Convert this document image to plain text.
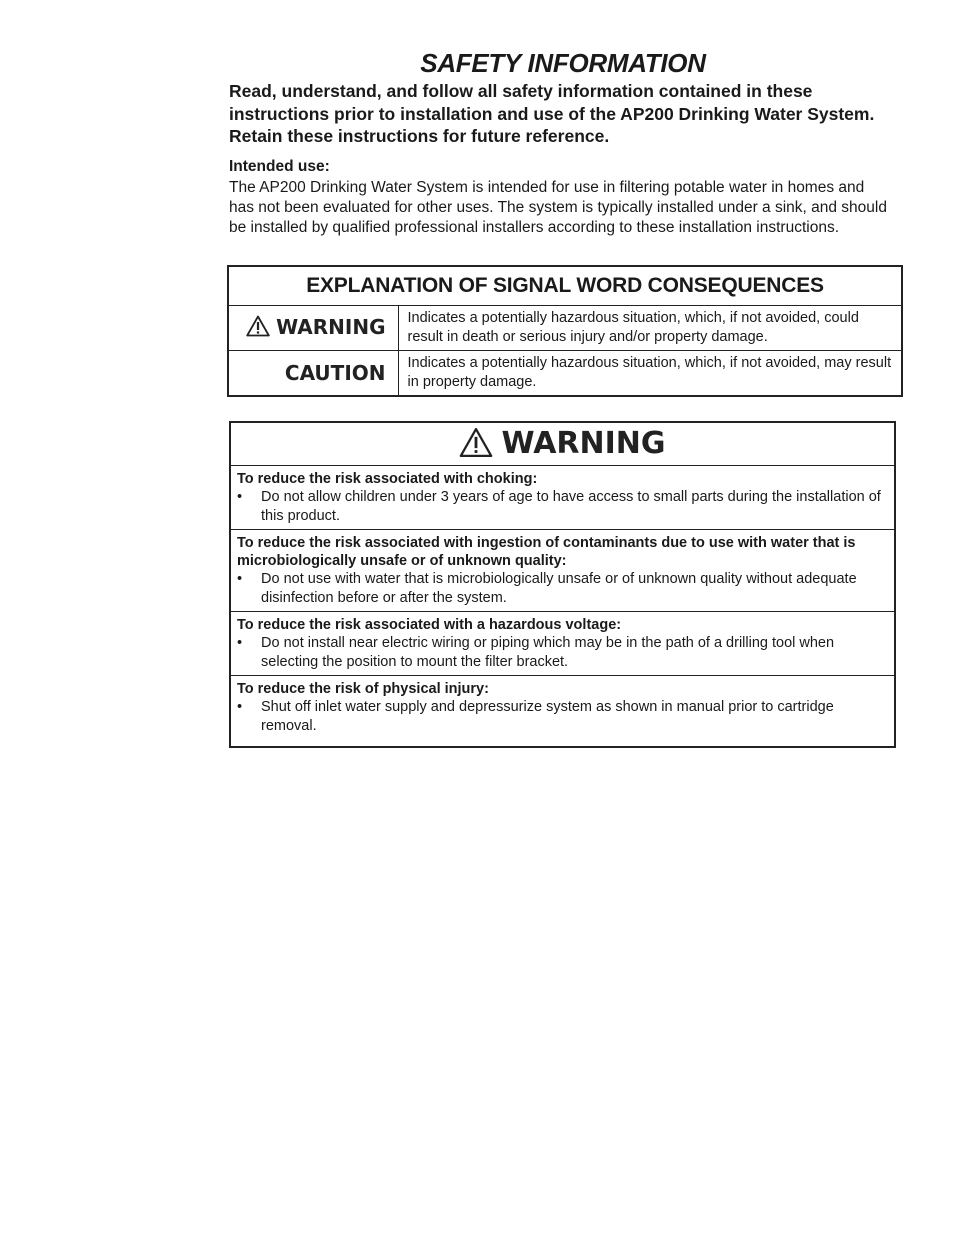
SAFETY INFORMATION
Read, understand, and follow all safety information contained in these instructions prior to installation and use of the AP200 Drinking Water System. Retain these instructions for future reference.
Intended use:
The AP200 Drinking Water System is intended for use in filtering potable water in homes and has not been evaluated for other uses. The system is typically installed under a sink, and should be installed by qualified professional installers according to these installation instructions.
EXPLANATION OF SIGNAL WORD CONSEQUENCES	
WARNING	Indicates a potentially hazardous situation, which, if not avoided, could result in death or serious injury and/or property damage.
CAUTION	Indicates a potentially hazardous situation, which, if not avoided, may result in property damage.
WARNING
To reduce the risk associated with choking:
• Do not allow children under 3 years of age to have access to small parts during the installation of this product.
To reduce the risk associated with ingestion of contaminants due to use with water that is microbiologically unsafe or of unknown quality:
• Do not use with water that is microbiologically unsafe or of unknown quality without adequate disinfection before or after the system.
To reduce the risk associated with a hazardous voltage:
• Do not install near electric wiring or piping which may be in the path of a drilling tool when selecting the position to mount the filter bracket.
To reduce the risk of physical injury:
• Shut off inlet water supply and depressurize system as shown in manual prior to cartridge removal.
